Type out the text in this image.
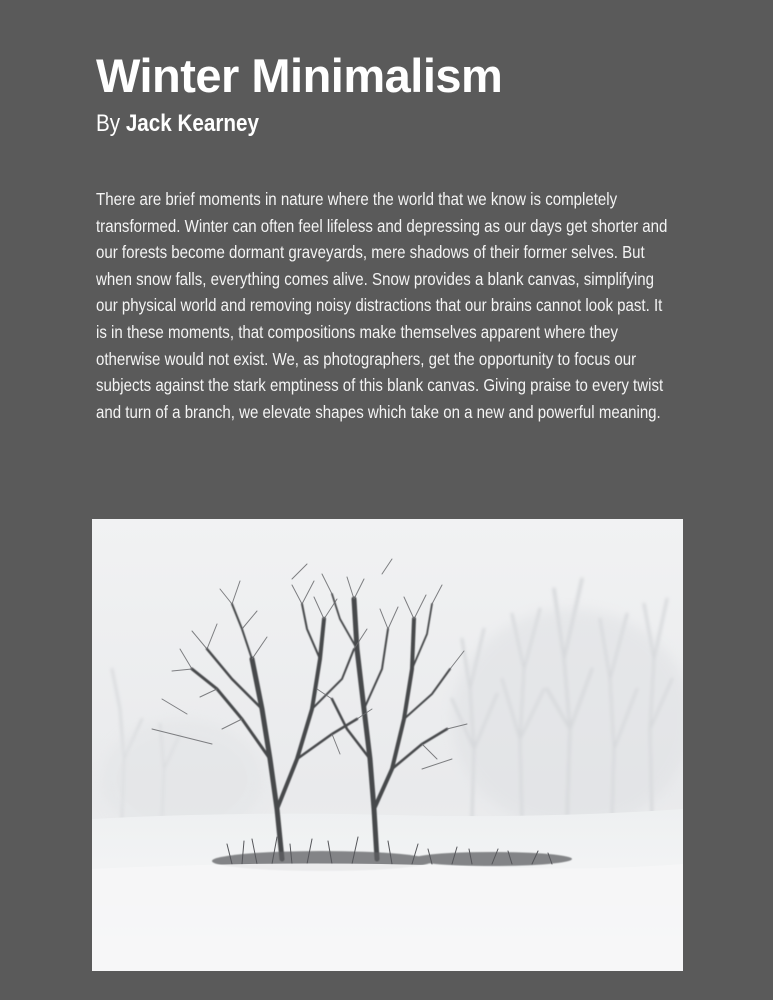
Winter Minimalism
By Jack Kearney

There are brief moments in nature where the world that we know is completely transformed. Winter can often feel lifeless and depressing as our days get shorter and our forests become dormant graveyards, mere shadows of their former selves. But when snow falls, everything comes alive. Snow provides a blank canvas, simplifying our physical world and removing noisy distractions that our brains cannot look past. It is in these moments, that compositions make themselves apparent where they otherwise would not exist. We, as photographers, get the opportunity to focus our subjects against the stark emptiness of this blank canvas. Giving praise to every twist and turn of a branch, we elevate shapes which take on a new and powerful meaning.
